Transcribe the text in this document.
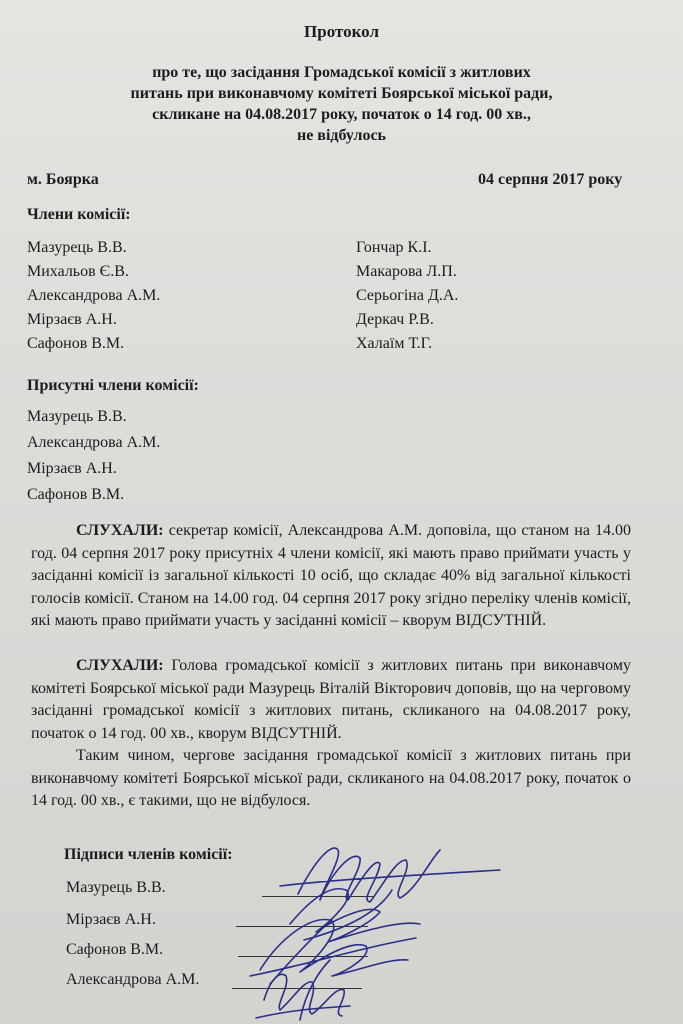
Протокол
про те, що засідання Громадської комісії з житлових
питань при виконавчому комітеті Боярської міської ради,
скликане на 04.08.2017 року, початок о 14 год. 00 хв.,
не відбулось
м. Боярка	04 серпня 2017 року
Члени комісії:
Мазурець В.В.
Михальов Є.В.
Александрова А.М.
Мірзаєв А.Н.
Сафонов В.М.
Гончар К.І.
Макарова Л.П.
Серьогіна Д.А.
Деркач Р.В.
Халаїм Т.Г.
Присутні члени комісії:
Мазурець В.В.
Александрова А.М.
Мірзаєв А.Н.
Сафонов В.М.
СЛУХАЛИ: секретар комісії, Александрова А.М. доповіла, що станом на 14.00 год. 04 серпня 2017 року присутніх 4 члени комісії, які мають право приймати участь у засіданні комісії із загальної кількості 10 осіб, що складає 40% від загальної кількості голосів комісії. Станом на 14.00 год. 04 серпня 2017 року згідно переліку членів комісії, які мають право приймати участь у засіданні комісії – кворум ВІДСУТНІЙ.
СЛУХАЛИ: Голова громадської комісії з житлових питань при виконавчому комітеті Боярської міської ради Мазурець Віталій Вікторович доповів, що на черговому засіданні громадської комісії з житлових питань, скликаного на 04.08.2017 року, початок о 14 год. 00 хв., кворум ВІДСУТНІЙ.
Таким чином, чергове засідання громадської комісії з житлових питань при виконавчому комітеті Боярської міської ради, скликаного на 04.08.2017 року, початок о 14 год. 00 хв., є такими, що не відбулося.
Підписи членів комісії:
Мазурець В.В.
Мірзаєв А.Н.
Сафонов В.М.
Александрова А.М.
